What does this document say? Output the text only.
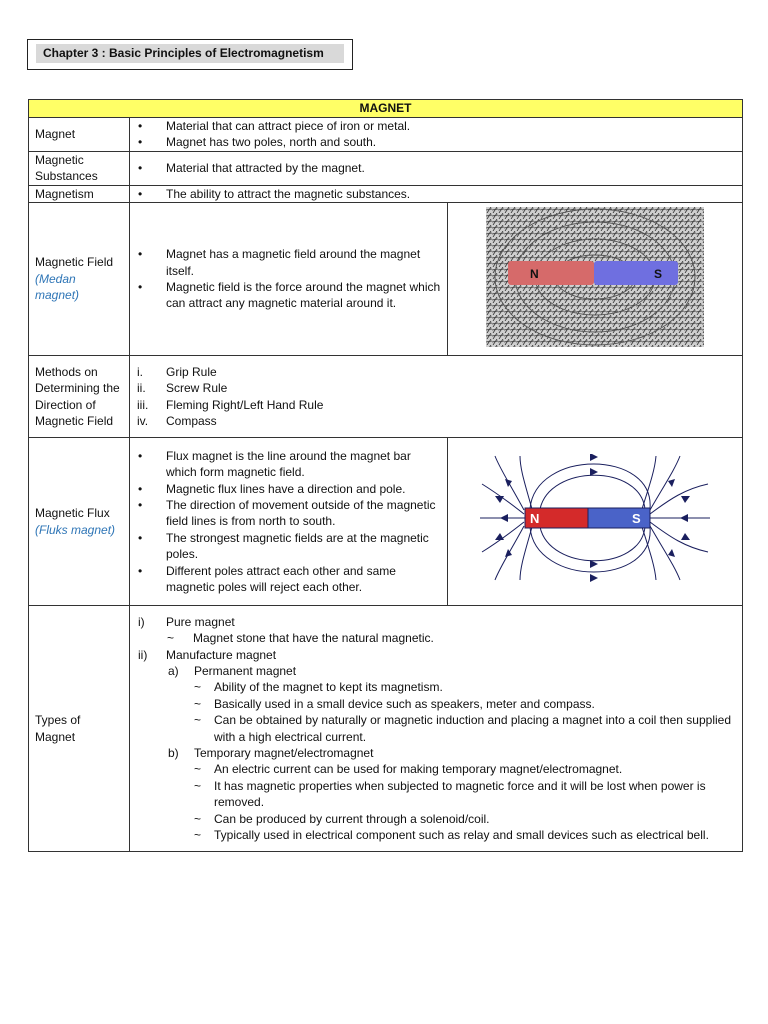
Chapter 3 : Basic Principles of Electromagnetism
MAGNET		
Magnet	
• Material that can attract piece of iron or metal.
• Magnet has two poles, north and south.

Magnetic
Substances

• Material that attracted by the magnet.

Magnetism	• The ability to attract the magnetic substances.

Magnetic Field
(Medan magnet)

• Magnet has a magnetic field around the magnet itself.
• Magnetic field is the force around the magnet which can attract any magnetic material around it.

N	S

Methods on Determining the Direction of Magnetic Field	
i. Grip Rule
ii. Screw Rule
iii. Fleming Right/Left Hand Rule
iv. Compass

Magnetic Flux
(Fluks magnet)

• Flux magnet is the line around the magnet bar which form magnetic field.
• Magnetic flux lines have a direction and pole.
• The direction of movement outside of the magnetic field lines is from north to south.
• The strongest magnetic fields are at the magnetic poles.
• Different poles attract each other and same magnetic poles will reject each other.

N	S

Types of
Magnet

i) Pure magnet
~ Magnet stone that have the natural magnetic.
ii) Manufacture magnet
a) Permanent magnet
~ Ability of the magnet to kept its magnetism.
~ Basically used in a small device such as speakers, meter and compass.
~ Can be obtained by naturally or magnetic induction and placing a magnet into a coil then supplied with a high electrical current.
b) Temporary magnet/electromagnet
~ An electric current can be used for making temporary magnet/electromagnet.
~ It has magnetic properties when subjected to magnetic force and it will be lost when power is removed.
~ Can be produced by current through a solenoid/coil.
~ Typically used in electrical component such as relay and small devices such as electrical bell.
